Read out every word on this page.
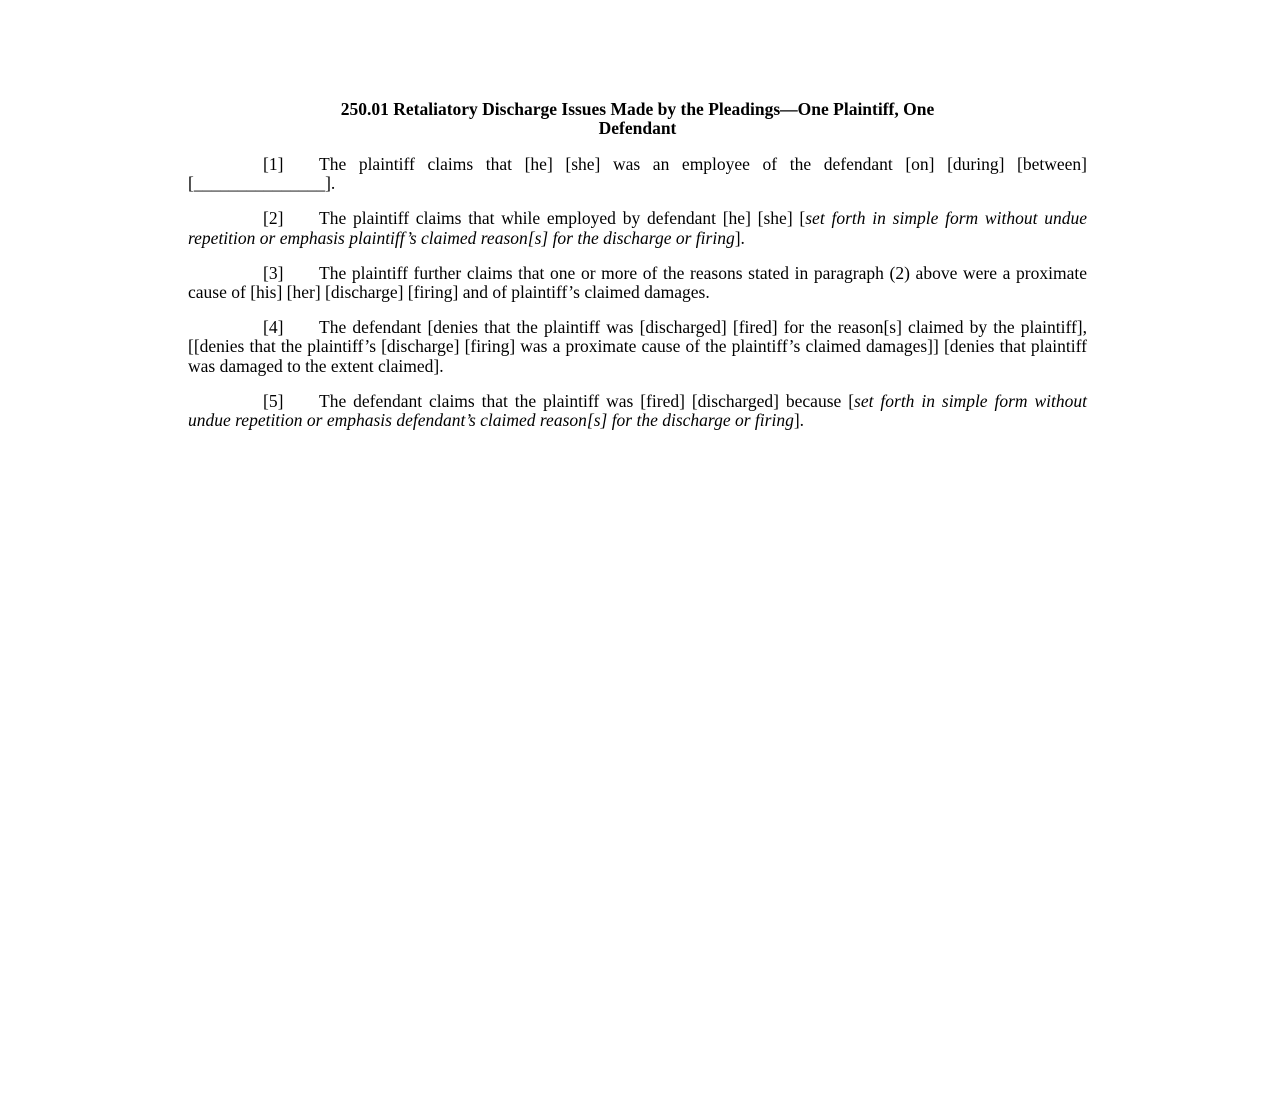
250.01 Retaliatory Discharge Issues Made by the Pleadings—One Plaintiff, One
Defendant

[1] The plaintiff claims that [he] [she] was an employee of the defendant [on] [during] [between] [_______________].

[2] The plaintiff claims that while employed by defendant [he] [she] [set forth in simple form without undue repetition or emphasis plaintiff’s claimed reason[s] for the discharge or firing].

[3] The plaintiff further claims that one or more of the reasons stated in paragraph (2) above were a proximate cause of [his] [her] [discharge] [firing] and of plaintiff’s claimed damages.

[4] The defendant [denies that the plaintiff was [discharged] [fired] for the reason[s] claimed by the plaintiff], [[denies that the plaintiff’s [discharge] [firing] was a proximate cause of the plaintiff’s claimed damages]] [denies that plaintiff was damaged to the extent claimed].

[5] The defendant claims that the plaintiff was [fired] [discharged] because [set forth in simple form without undue repetition or emphasis defendant’s claimed reason[s] for the discharge or firing].
